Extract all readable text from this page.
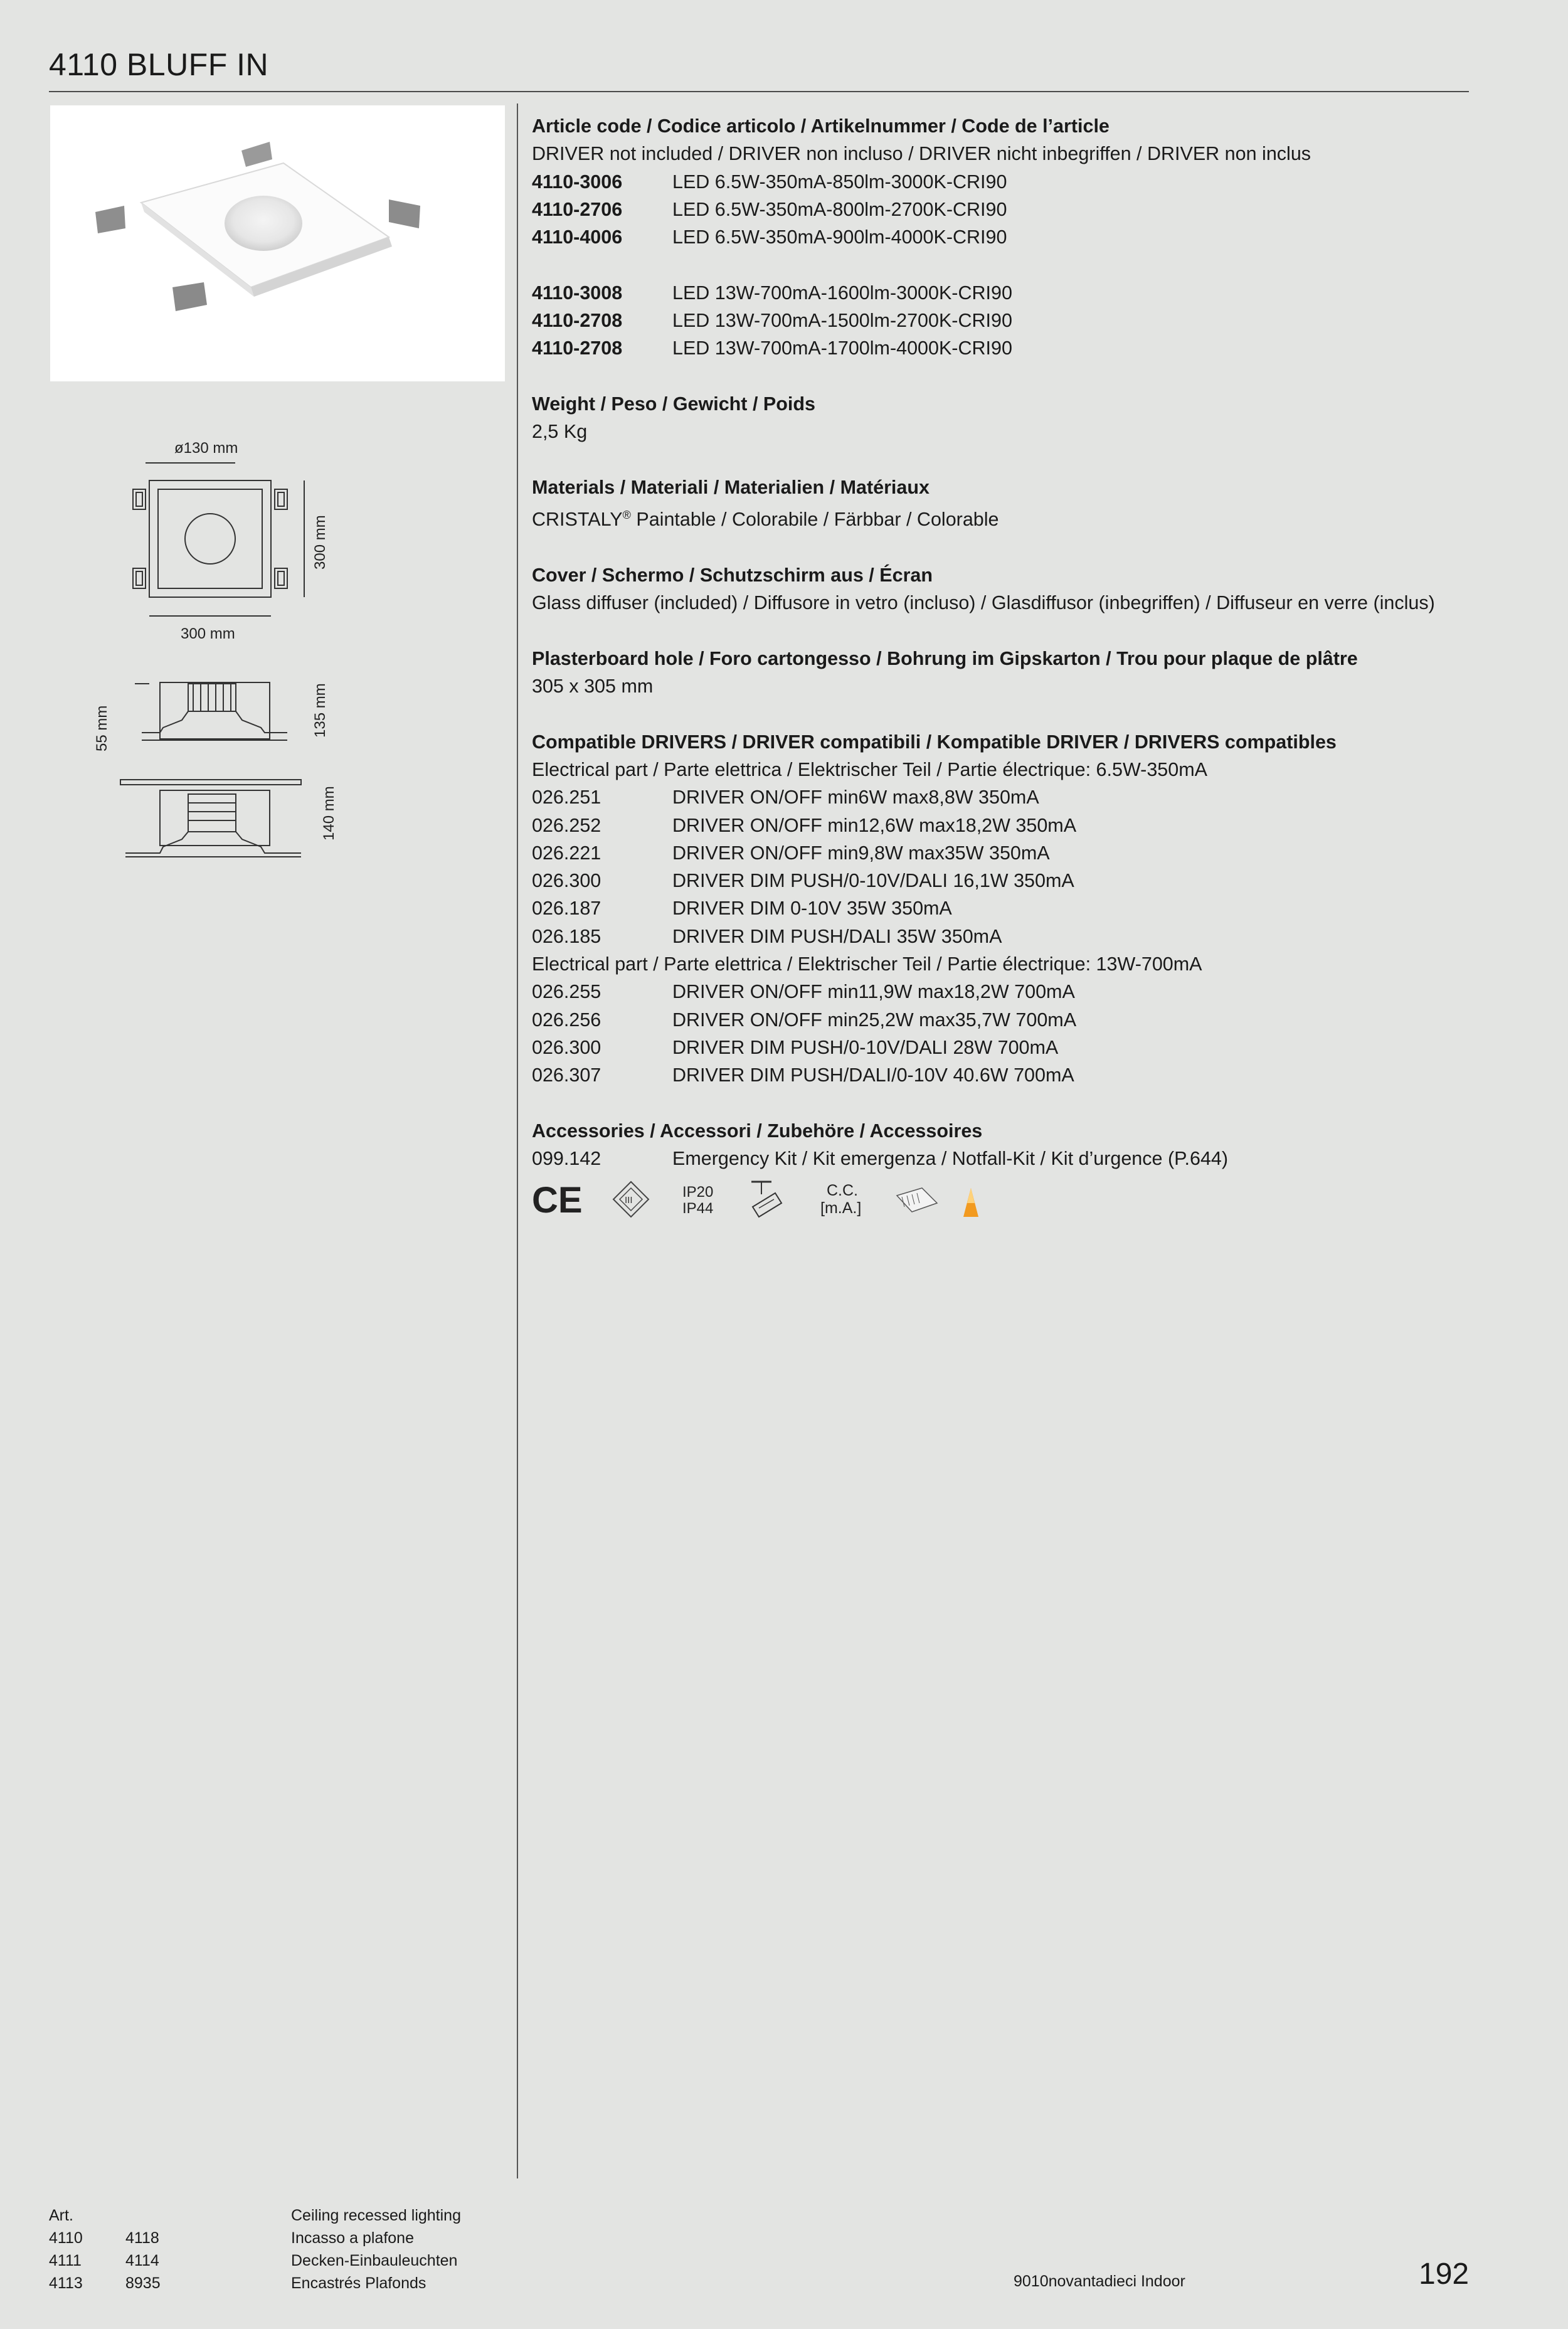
4110 BLUFF IN
ø130 mm
300 mm
300 mm
55 mm	135 mm
140 mm
Article code / Codice articolo / Artikelnummer / Code de l’article
DRIVER not included / DRIVER non incluso / DRIVER nicht inbegriffen / DRIVER non inclus
4110-3006	LED 6.5W-350mA-850lm-3000K-CRI90
4110-2706	LED 6.5W-350mA-800lm-2700K-CRI90
4110-4006	LED 6.5W-350mA-900lm-4000K-CRI90
4110-3008	LED 13W-700mA-1600lm-3000K-CRI90
4110-2708	LED 13W-700mA-1500lm-2700K-CRI90
4110-2708	LED 13W-700mA-1700lm-4000K-CRI90
Weight / Peso / Gewicht / Poids
2,5 Kg
Materials / Materiali / Materialien / Matériaux
CRISTALY® Paintable / Colorabile / Färbbar / Colorable
Cover / Schermo / Schutzschirm aus / Écran
Glass diffuser (included) / Diffusore in vetro (incluso) / Glasdiffusor (inbegriffen) / Diffuseur en verre (inclus)
Plasterboard hole / Foro cartongesso / Bohrung im Gipskarton / Trou pour plaque de plâtre
305 x 305 mm
Compatible DRIVERS / DRIVER compatibili / Kompatible DRIVER / DRIVERS compatibles
Electrical part / Parte elettrica / Elektrischer Teil / Partie électrique: 6.5W-350mA
026.251	DRIVER ON/OFF min6W max8,8W 350mA
026.252	DRIVER ON/OFF min12,6W max18,2W 350mA
026.221	DRIVER ON/OFF min9,8W max35W 350mA
026.300	DRIVER DIM PUSH/0-10V/DALI 16,1W 350mA
026.187	DRIVER DIM 0-10V 35W 350mA
026.185	DRIVER DIM PUSH/DALI 35W 350mA
Electrical part / Parte elettrica / Elektrischer Teil / Partie électrique: 13W-700mA
026.255	DRIVER ON/OFF min11,9W max18,2W 700mA
026.256	DRIVER ON/OFF min25,2W max35,7W 700mA
026.300	DRIVER DIM PUSH/0-10V/DALI 28W 700mA
026.307	DRIVER DIM PUSH/DALI/0-10V 40.6W 700mA
Accessories / Accessori / Zubehöre / Accessoires
099.142	Emergency Kit / Kit emergenza / Notfall-Kit / Kit d’urgence (P.644)
CE	III	IP20
IP44
C.C.
[m.A.]
Art.
4110	4118
4111	4114
4113	8935
Ceiling recessed lighting
Incasso a plafone
Decken-Einbauleuchten
Encastrés Plafonds	9010novantadieci Indoor	192
